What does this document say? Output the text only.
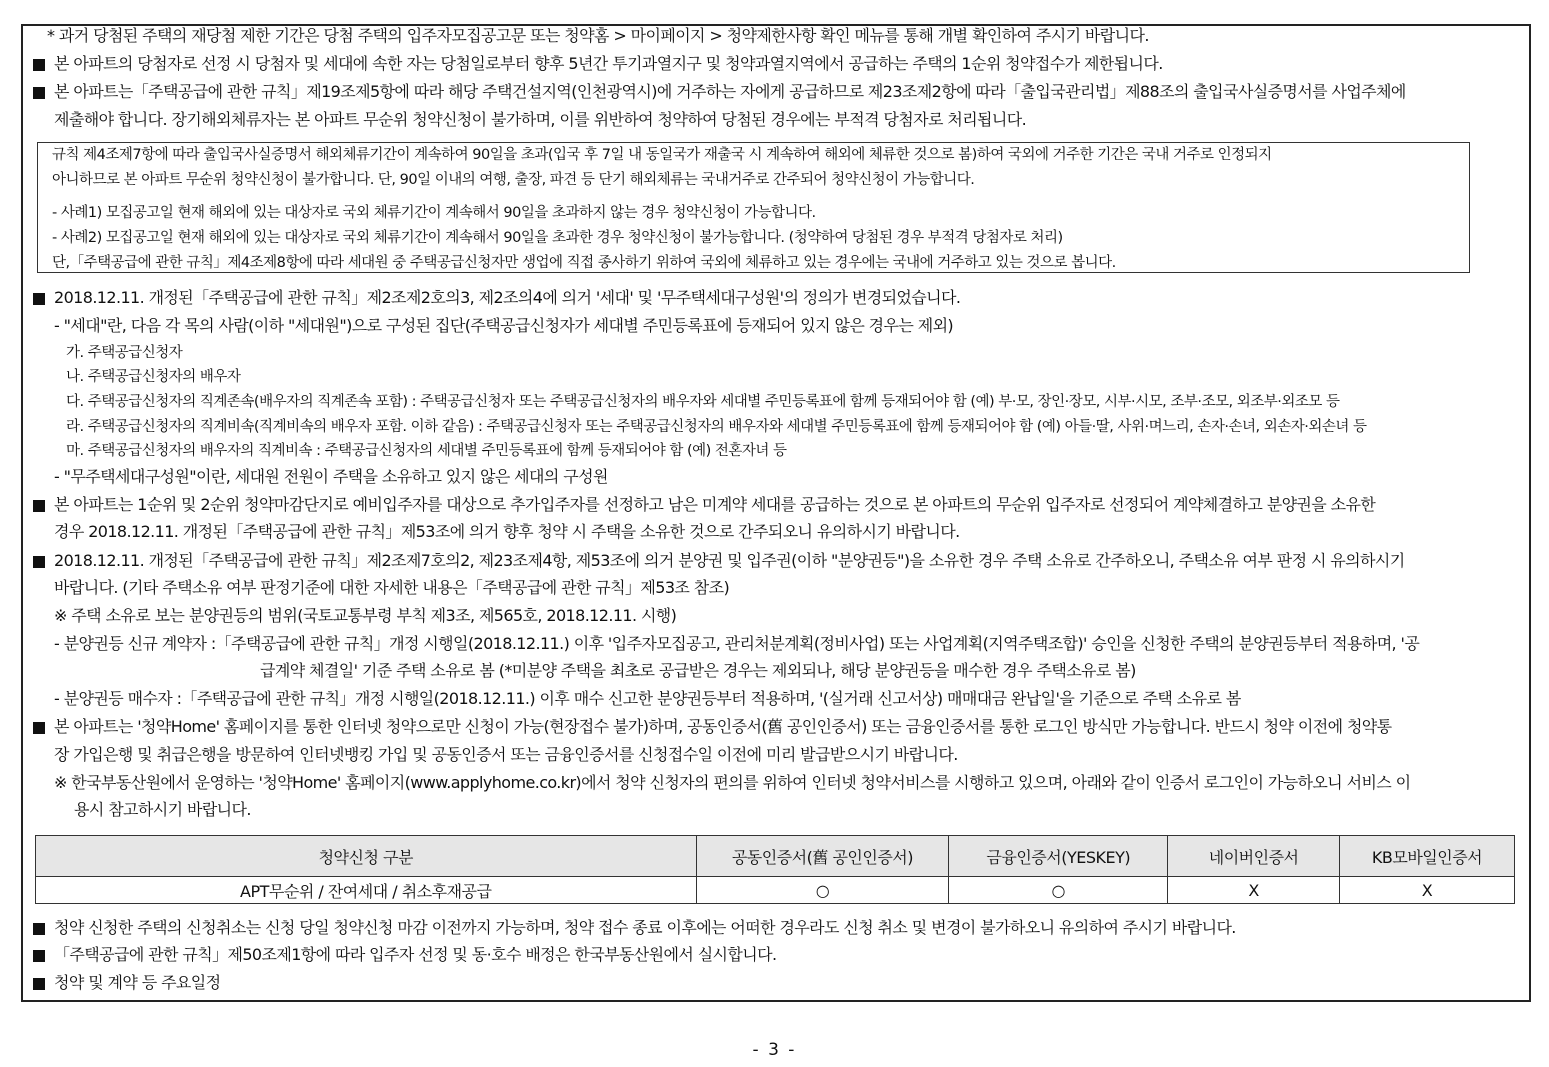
* 과거 당첨된 주택의 재당첨 제한 기간은 당첨 주택의 입주자모집공고문 또는 청약홈 > 마이페이지 > 청약제한사항 확인 메뉴를 통해 개별 확인하여 주시기 바랍니다.
본 아파트의 당첨자로 선정 시 당첨자 및 세대에 속한 자는 당첨일로부터 향후 5년간 투기과열지구 및 청약과열지역에서 공급하는 주택의 1순위 청약접수가 제한됩니다.
본 아파트는「주택공급에 관한 규칙」제19조제5항에 따라 해당 주택건설지역(인천광역시)에 거주하는 자에게 공급하므로 제23조제2항에 따라「출입국관리법」제88조의 출입국사실증명서를 사업주체에
제출해야 합니다. 장기해외체류자는 본 아파트 무순위 청약신청이 불가하며, 이를 위반하여 청약하여 당첨된 경우에는 부적격 당첨자로 처리됩니다.
규칙 제4조제7항에 따라 출입국사실증명서 해외체류기간이 계속하여 90일을 초과(입국 후 7일 내 동일국가 재출국 시 계속하여 해외에 체류한 것으로 봄)하여 국외에 거주한 기간은 국내 거주로 인정되지
아니하므로 본 아파트 무순위 청약신청이 불가합니다. 단, 90일 이내의 여행, 출장, 파견 등 단기 해외체류는 국내거주로 간주되어 청약신청이 가능합니다.
- 사례1) 모집공고일 현재 해외에 있는 대상자로 국외 체류기간이 계속해서 90일을 초과하지 않는 경우 청약신청이 가능합니다.
- 사례2) 모집공고일 현재 해외에 있는 대상자로 국외 체류기간이 계속해서 90일을 초과한 경우 청약신청이 불가능합니다. (청약하여 당첨된 경우 부적격 당첨자로 처리)
단,「주택공급에 관한 규칙」제4조제8항에 따라 세대원 중 주택공급신청자만 생업에 직접 종사하기 위하여 국외에 체류하고 있는 경우에는 국내에 거주하고 있는 것으로 봅니다.
2018.12.11. 개정된「주택공급에 관한 규칙」제2조제2호의3, 제2조의4에 의거 '세대' 및 '무주택세대구성원'의 정의가 변경되었습니다.
- "세대"란, 다음 각 목의 사람(이하 "세대원")으로 구성된 집단(주택공급신청자가 세대별 주민등록표에 등재되어 있지 않은 경우는 제외)
가. 주택공급신청자
나. 주택공급신청자의 배우자
다. 주택공급신청자의 직계존속(배우자의 직계존속 포함) : 주택공급신청자 또는 주택공급신청자의 배우자와 세대별 주민등록표에 함께 등재되어야 함 (예) 부·모, 장인·장모, 시부·시모, 조부·조모, 외조부·외조모 등
라. 주택공급신청자의 직계비속(직계비속의 배우자 포함. 이하 같음) : 주택공급신청자 또는 주택공급신청자의 배우자와 세대별 주민등록표에 함께 등재되어야 함 (예) 아들·딸, 사위·며느리, 손자·손녀, 외손자·외손녀 등
마. 주택공급신청자의 배우자의 직계비속 : 주택공급신청자의 세대별 주민등록표에 함께 등재되어야 함 (예) 전혼자녀 등
- "무주택세대구성원"이란, 세대원 전원이 주택을 소유하고 있지 않은 세대의 구성원
본 아파트는 1순위 및 2순위 청약마감단지로 예비입주자를 대상으로 추가입주자를 선정하고 남은 미계약 세대를 공급하는 것으로 본 아파트의 무순위 입주자로 선정되어 계약체결하고 분양권을 소유한
경우 2018.12.11. 개정된「주택공급에 관한 규칙」제53조에 의거 향후 청약 시 주택을 소유한 것으로 간주되오니 유의하시기 바랍니다.
2018.12.11. 개정된「주택공급에 관한 규칙」제2조제7호의2, 제23조제4항, 제53조에 의거 분양권 및 입주권(이하 "분양권등")을 소유한 경우 주택 소유로 간주하오니, 주택소유 여부 판정 시 유의하시기
바랍니다. (기타 주택소유 여부 판정기준에 대한 자세한 내용은「주택공급에 관한 규칙」제53조 참조)
※ 주택 소유로 보는 분양권등의 범위(국토교통부령 부칙 제3조, 제565호, 2018.12.11. 시행)
- 분양권등 신규 계약자 :「주택공급에 관한 규칙」개정 시행일(2018.12.11.) 이후 '입주자모집공고, 관리처분계획(정비사업) 또는 사업계획(지역주택조합)' 승인을 신청한 주택의 분양권등부터 적용하며, '공
급계약 체결일' 기준 주택 소유로 봄 (*미분양 주택을 최초로 공급받은 경우는 제외되나, 해당 분양권등을 매수한 경우 주택소유로 봄)
- 분양권등 매수자 :「주택공급에 관한 규칙」개정 시행일(2018.12.11.) 이후 매수 신고한 분양권등부터 적용하며, '(실거래 신고서상) 매매대금 완납일'을 기준으로 주택 소유로 봄
본 아파트는 '청약Home' 홈페이지를 통한 인터넷 청약으로만 신청이 가능(현장접수 불가)하며, 공동인증서(舊 공인인증서) 또는 금융인증서를 통한 로그인 방식만 가능합니다. 반드시 청약 이전에 청약통
장 가입은행 및 취급은행을 방문하여 인터넷뱅킹 가입 및 공동인증서 또는 금융인증서를 신청접수일 이전에 미리 발급받으시기 바랍니다.
※ 한국부동산원에서 운영하는 '청약Home' 홈페이지(www.applyhome.co.kr)에서 청약 신청자의 편의를 위하여 인터넷 청약서비스를 시행하고 있으며, 아래와 같이 인증서 로그인이 가능하오니 서비스 이
용시 참고하시기 바랍니다.
청약신청 구분	공동인증서(舊 공인인증서)	금융인증서(YESKEY)	네이버인증서	KB모바일인증서
APT무순위 / 잔여세대 / 취소후재공급	○	○	X	X
청약 신청한 주택의 신청취소는 신청 당일 청약신청 마감 이전까지 가능하며, 청약 접수 종료 이후에는 어떠한 경우라도 신청 취소 및 변경이 불가하오니 유의하여 주시기 바랍니다.
「주택공급에 관한 규칙」제50조제1항에 따라 입주자 선정 및 동·호수 배정은 한국부동산원에서 실시합니다.
청약 및 계약 등 주요일정
- 3 -
